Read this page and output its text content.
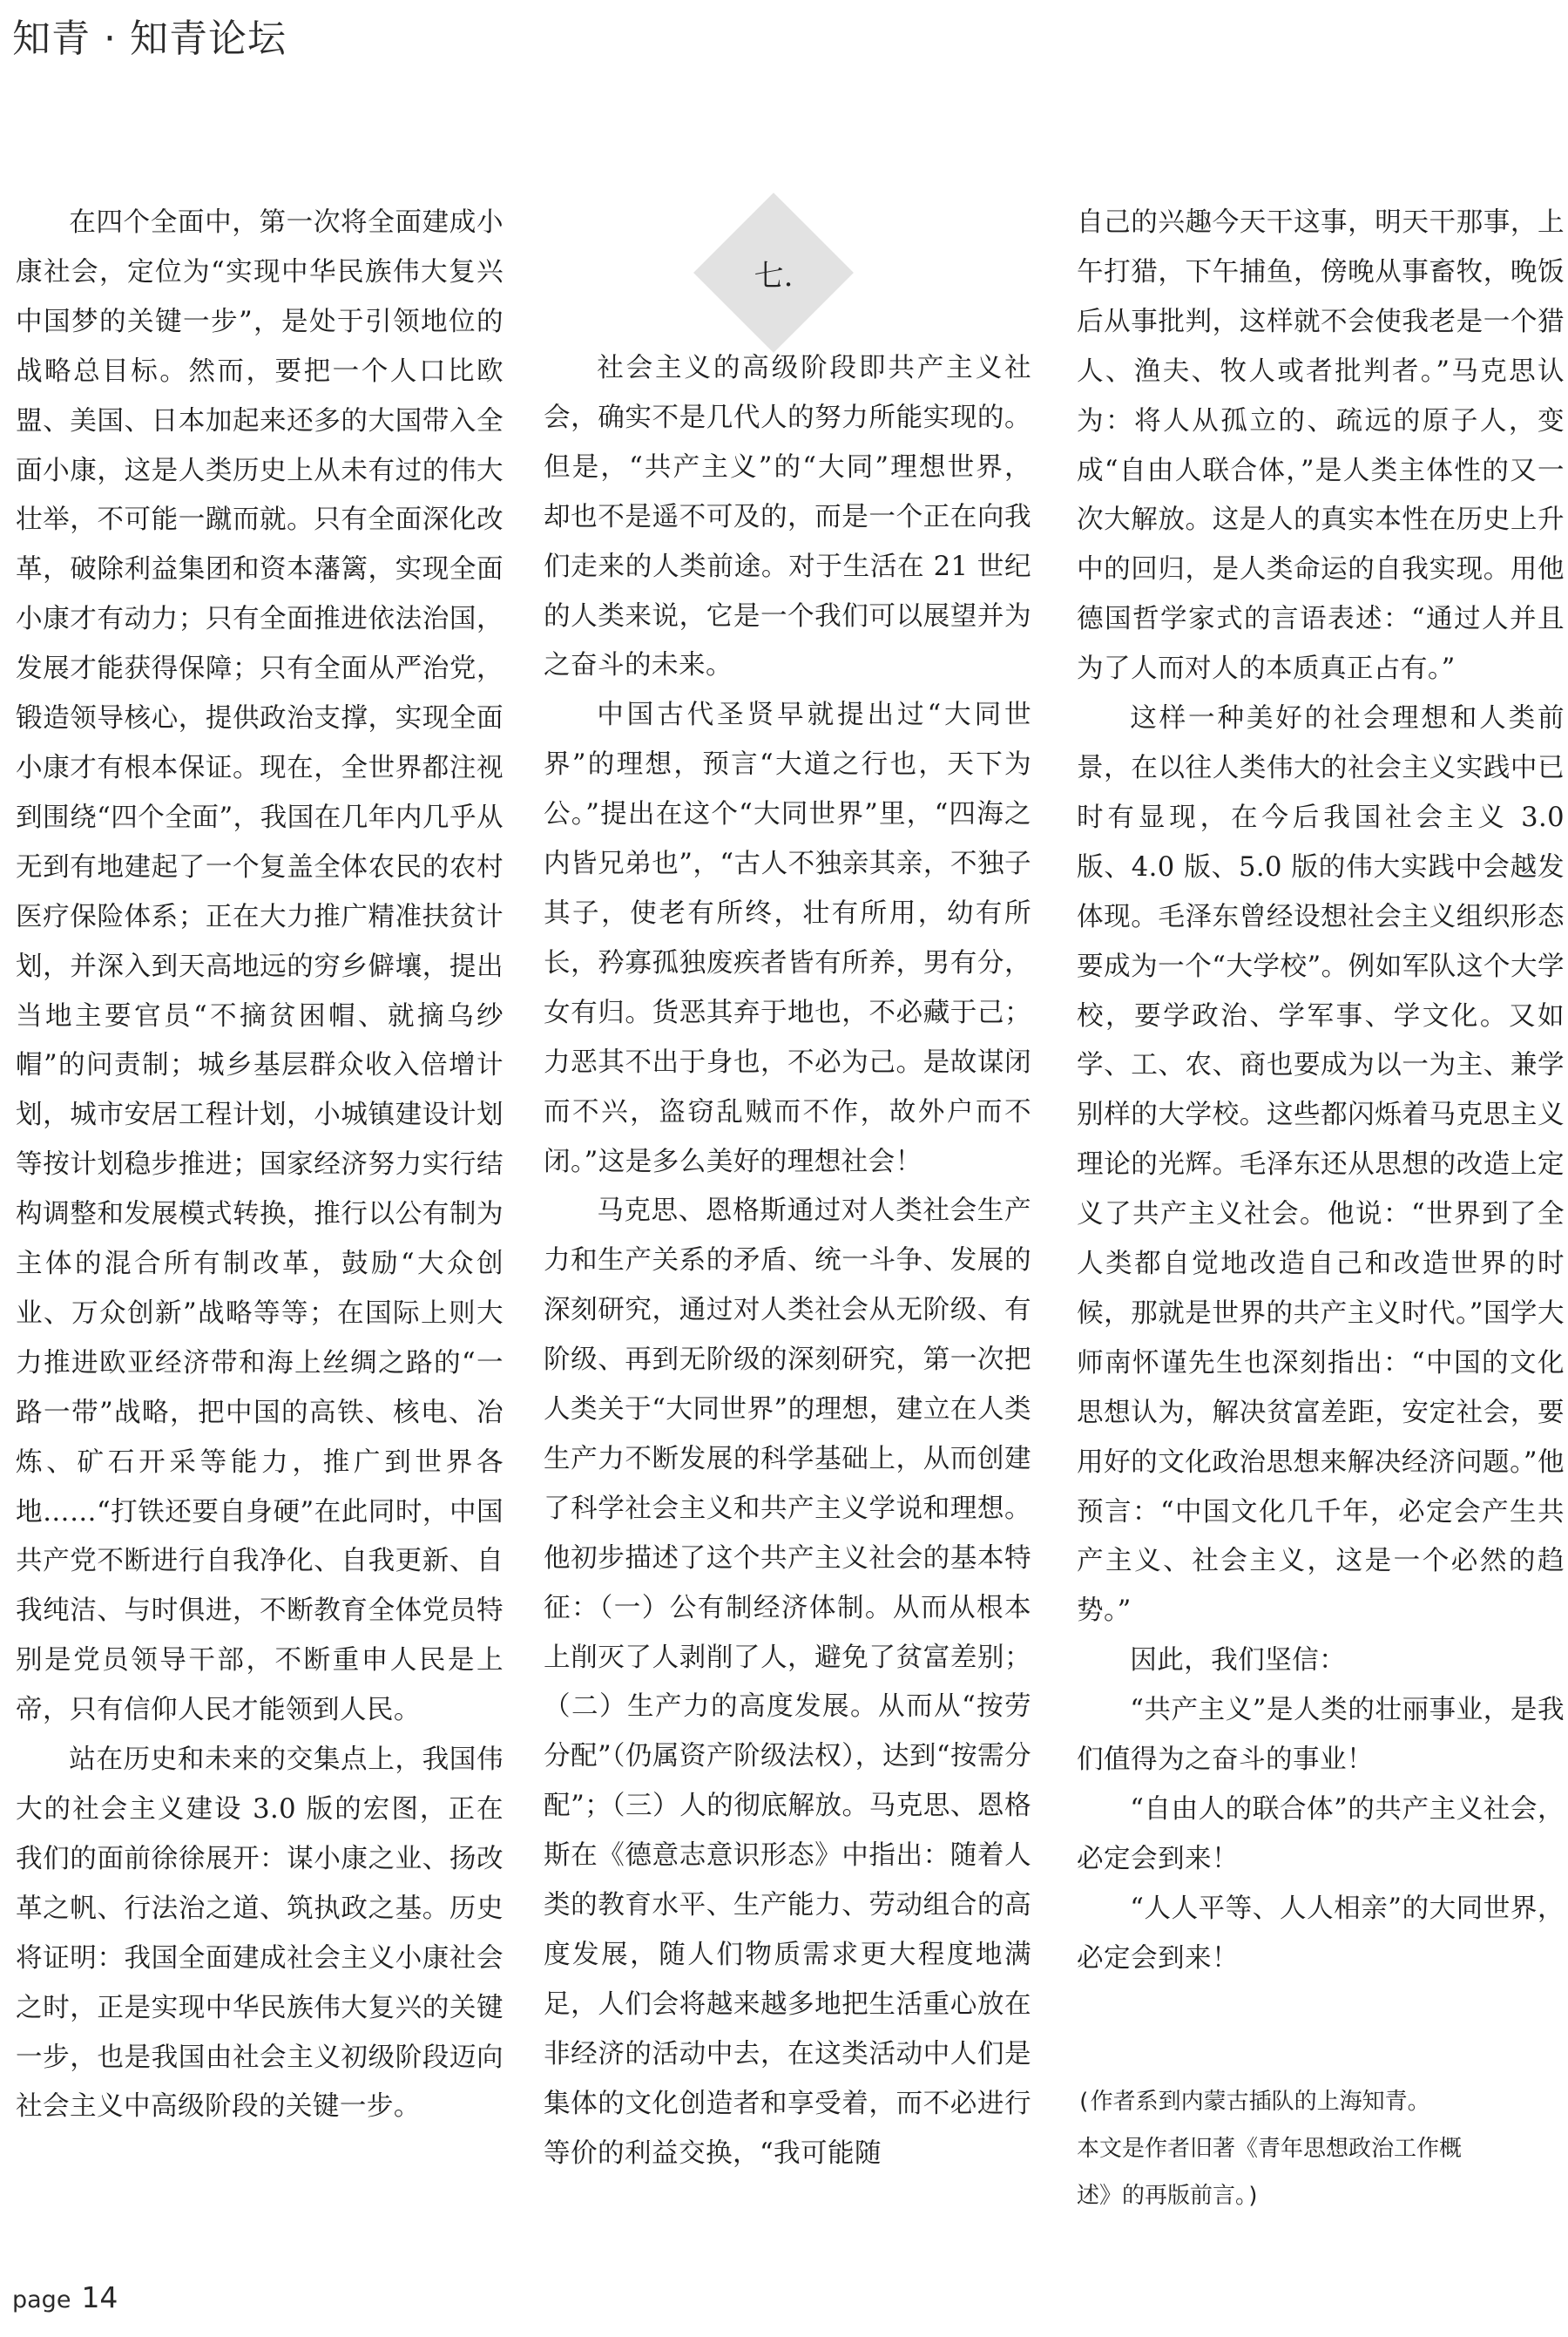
知青 · 知青论坛

在四个全面中，第一次将全面建成小康社会，定位为“实现中华民族伟大复兴中国梦的关键一步”，是处于引领地位的战略总目标。然而，要把一个人口比欧盟、美国、日本加起来还多的大国带入全面小康，这是人类历史上从未有过的伟大壮举，不可能一蹴而就。只有全面深化改革，破除利益集团和资本藩篱，实现全面小康才有动力；只有全面推进依法治国，发展才能获得保障；只有全面从严治党，锻造领导核心，提供政治支撑，实现全面小康才有根本保证。现在，全世界都注视到围绕“四个全面”，我国在几年内几乎从无到有地建起了一个复盖全体农民的农村医疗保险体系；正在大力推广精准扶贫计划，并深入到天高地远的穷乡僻壤，提出当地主要官员“不摘贫困帽、就摘乌纱帽”的问责制；城乡基层群众收入倍增计划，城市安居工程计划，小城镇建设计划等按计划稳步推进；国家经济努力实行结构调整和发展模式转换，推行以公有制为主体的混合所有制改革，鼓励“大众创业、万众创新”战略等等；在国际上则大力推进欧亚经济带和海上丝绸之路的“一路一带”战略，把中国的高铁、核电、冶炼、矿石开采等能力，推广到世界各地……“打铁还要自身硬”在此同时，中国共产党不断进行自我净化、自我更新、自我纯洁、与时俱进，不断教育全体党员特别是党员领导干部，不断重申人民是上帝，只有信仰人民才能领到人民。

站在历史和未来的交集点上，我国伟大的社会主义建设 3.0 版的宏图，正在我们的面前徐徐展开：谋小康之业、扬改革之帆、行法治之道、筑执政之基。历史将证明：我国全面建成社会主义小康社会之时，正是实现中华民族伟大复兴的关键一步，也是我国由社会主义初级阶段迈向社会主义中高级阶段的关键一步。

七.

社会主义的高级阶段即共产主义社会，确实不是几代人的努力所能实现的。但是，“共产主义”的“大同”理想世界，却也不是遥不可及的，而是一个正在向我们走来的人类前途。对于生活在 21 世纪的人类来说，它是一个我们可以展望并为之奋斗的未来。

中国古代圣贤早就提出过“大同世界”的理想，预言“大道之行也，天下为公。”提出在这个“大同世界”里，“四海之内皆兄弟也”，“古人不独亲其亲，不独子其子，使老有所终，壮有所用，幼有所长，矜寡孤独废疾者皆有所养，男有分，女有归。货恶其弃于地也，不必藏于己；力恶其不出于身也，不必为己。是故谋闭而不兴，盗窃乱贼而不作，故外户而不闭。”这是多么美好的理想社会！

马克思、恩格斯通过对人类社会生产力和生产关系的矛盾、统一斗争、发展的深刻研究，通过对人类社会从无阶级、有阶级、再到无阶级的深刻研究，第一次把人类关于“大同世界”的理想，建立在人类生产力不断发展的科学基础上，从而创建了科学社会主义和共产主义学说和理想。他初步描述了这个共产主义社会的基本特征：（一）公有制经济体制。从而从根本上削灭了人剥削了人，避免了贫富差别；（二）生产力的高度发展。从而从“按劳分配”（仍属资产阶级法权），达到“按需分配”；（三）人的彻底解放。马克思、恩格斯在《德意志意识形态》中指出：随着人类的教育水平、生产能力、劳动组合的高度发展，随人们物质需求更大程度地满足，人们会将越来越多地把生活重心放在非经济的活动中去，在这类活动中人们是集体的文化创造者和享受着，而不必进行等价的利益交换，“我可能随

自己的兴趣今天干这事，明天干那事，上午打猎，下午捕鱼，傍晚从事畜牧，晚饭后从事批判，这样就不会使我老是一个猎人、渔夫、牧人或者批判者。”马克思认为：将人从孤立的、疏远的原子人，变成“自由人联合体，”是人类主体性的又一次大解放。这是人的真实本性在历史上升中的回归，是人类命运的自我实现。用他德国哲学家式的言语表述：“通过人并且为了人而对人的本质真正占有。”

这样一种美好的社会理想和人类前景，在以往人类伟大的社会主义实践中已时有显现，在今后我国社会主义 3.0 版、4.0 版、5.0 版的伟大实践中会越发体现。毛泽东曾经设想社会主义组织形态要成为一个“大学校”。例如军队这个大学校，要学政治、学军事、学文化。又如学、工、农、商也要成为以一为主、兼学别样的大学校。这些都闪烁着马克思主义理论的光辉。毛泽东还从思想的改造上定义了共产主义社会。他说：“世界到了全人类都自觉地改造自己和改造世界的时候，那就是世界的共产主义时代。”国学大师南怀谨先生也深刻指出：“中国的文化思想认为，解决贫富差距，安定社会，要用好的文化政治思想来解决经济问题。”他预言：“中国文化几千年，必定会产生共产主义、社会主义，这是一个必然的趋势。”

因此，我们坚信：

“共产主义”是人类的壮丽事业，是我们值得为之奋斗的事业！

“自由人的联合体”的共产主义社会，必定会到来！

“人人平等、人人相亲”的大同世界，必定会到来！

(作者系到内蒙古插队的上海知青。
本文是作者旧著《青年思想政治工作概
述》的再版前言。)
page 14
